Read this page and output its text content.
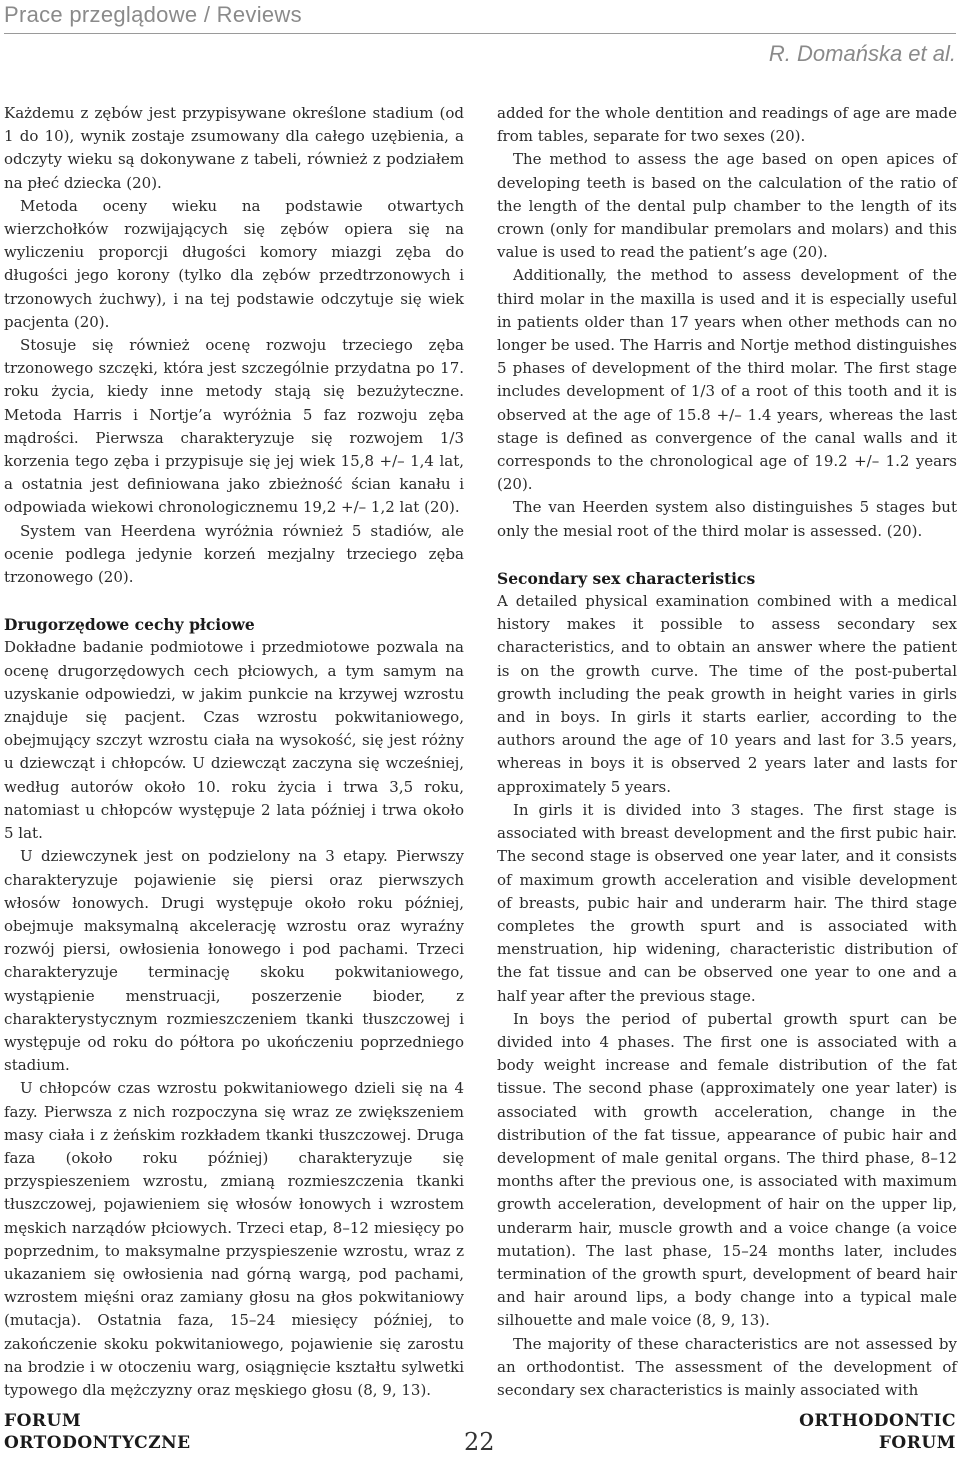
Prace przeglądowe / Reviews
R. Domańska et al.

Każdemu z zębów jest przypisywane określone stadium (od 1 do 10), wynik zostaje zsumowany dla całego uzębienia, a odczyty wieku są dokonywane z tabeli, również z podziałem na płeć dziecka (20).

Metoda oceny wieku na podstawie otwartych wierzchołków rozwijających się zębów opiera się na wyliczeniu proporcji długości komory miazgi zęba do długości jego korony (tylko dla zębów przedtrzonowych i trzonowych żuchwy), i na tej podstawie odczytuje się wiek pacjenta (20).

Stosuje się również ocenę rozwoju trzeciego zęba trzonowego szczęki, która jest szczególnie przydatna po 17. roku życia, kiedy inne metody stają się bezużyteczne. Metoda Harris i Nortje’a wyróżnia 5 faz rozwoju zęba mądrości. Pierwsza charakteryzuje się rozwojem 1/3 korzenia tego zęba i przypisuje się jej wiek 15,8 +/– 1,4 lat, a ostatnia jest definiowana jako zbieżność ścian kanału i odpowiada wiekowi chronologicznemu 19,2 +/– 1,2 lat (20).

System van Heerdena wyróżnia również 5 stadiów, ale ocenie podlega jedynie korzeń mezjalny trzeciego zęba trzonowego (20).

Drugorzędowe cechy płciowe

Dokładne badanie podmiotowe i przedmiotowe pozwala na ocenę drugorzędowych cech płciowych, a tym samym na uzyskanie odpowiedzi, w jakim punkcie na krzywej wzrostu znajduje się pacjent. Czas wzrostu pokwitaniowego, obejmujący szczyt wzrostu ciała na wysokość, się jest różny u dziewcząt i chłopców. U dziewcząt zaczyna się wcześniej, według autorów około 10. roku życia i trwa 3,5 roku, natomiast u chłopców występuje 2 lata później i trwa około 5 lat.

U dziewczynek jest on podzielony na 3 etapy. Pierwszy charakteryzuje pojawienie się piersi oraz pierwszych włosów łonowych. Drugi występuje około roku później, obejmuje maksymalną akcelerację wzrostu oraz wyraźny rozwój piersi, owłosienia łonowego i pod pachami. Trzeci charakteryzuje terminację skoku pokwitaniowego, wystąpienie menstruacji, poszerzenie bioder, z charakterystycznym rozmieszczeniem tkanki tłuszczowej i występuje od roku do półtora po ukończeniu poprzedniego stadium.

U chłopców czas wzrostu pokwitaniowego dzieli się na 4 fazy. Pierwsza z nich rozpoczyna się wraz ze zwiększeniem masy ciała i z żeńskim rozkładem tkanki tłuszczowej. Druga faza (około roku później) charakteryzuje się przyspieszeniem wzrostu, zmianą rozmieszczenia tkanki tłuszczowej, pojawieniem się włosów łonowych i wzrostem męskich narządów płciowych. Trzeci etap, 8–12 miesięcy po poprzednim, to maksymalne przyspieszenie wzrostu, wraz z ukazaniem się owłosienia nad górną wargą, pod pachami, wzrostem mięśni oraz zamiany głosu na głos pokwitaniowy (mutacja). Ostatnia faza, 15–24 miesięcy później, to zakończenie skoku pokwitaniowego, pojawienie się zarostu na brodzie i w otoczeniu warg, osiągnięcie kształtu sylwetki typowego dla mężczyzny oraz męskiego głosu (8, 9, 13).

added for the whole dentition and readings of age are made from tables, separate for two sexes (20).

The method to assess the age based on open apices of developing teeth is based on the calculation of the ratio of the length of the dental pulp chamber to the length of its crown (only for mandibular premolars and molars) and this value is used to read the patient’s age (20).

Additionally, the method to assess development of the third molar in the maxilla is used and it is especially useful in patients older than 17 years when other methods can no longer be used. The Harris and Nortje method distinguishes 5 phases of development of the third molar. The first stage includes development of 1/3 of a root of this tooth and it is observed at the age of 15.8 +/– 1.4 years, whereas the last stage is defined as convergence of the canal walls and it corresponds to the chronological age of 19.2 +/– 1.2 years (20).

The van Heerden system also distinguishes 5 stages but only the mesial root of the third molar is assessed. (20).

Secondary sex characteristics

A detailed physical examination combined with a medical history makes it possible to assess secondary sex characteristics, and to obtain an answer where the patient is on the growth curve. The time of the post-pubertal growth including the peak growth in height varies in girls and in boys. In girls it starts earlier, according to the authors around the age of 10 years and last for 3.5 years, whereas in boys it is observed 2 years later and lasts for approximately 5 years.

In girls it is divided into 3 stages. The first stage is associated with breast development and the first pubic hair. The second stage is observed one year later, and it consists of maximum growth acceleration and visible development of breasts, pubic hair and underarm hair. The third stage completes the growth spurt and is associated with menstruation, hip widening, characteristic distribution of the fat tissue and can be observed one year to one and a half year after the previous stage.

In boys the period of pubertal growth spurt can be divided into 4 phases. The first one is associated with a body weight increase and female distribution of the fat tissue. The second phase (approximately one year later) is associated with growth acceleration, change in the distribution of the fat tissue, appearance of pubic hair and development of male genital organs. The third phase, 8–12 months after the previous one, is associated with maximum growth acceleration, development of hair on the upper lip, underarm hair, muscle growth and a voice change (a voice mutation). The last phase, 15–24 months later, includes termination of the growth spurt, development of beard hair and hair around lips, a body change into a typical male silhouette and male voice (8, 9, 13).

The majority of these characteristics are not assessed by an orthodontist. The assessment of the development of secondary sex characteristics is mainly associated with

FORUM
ORTODONTYCZNE	22
ORTHODONTIC
FORUM
